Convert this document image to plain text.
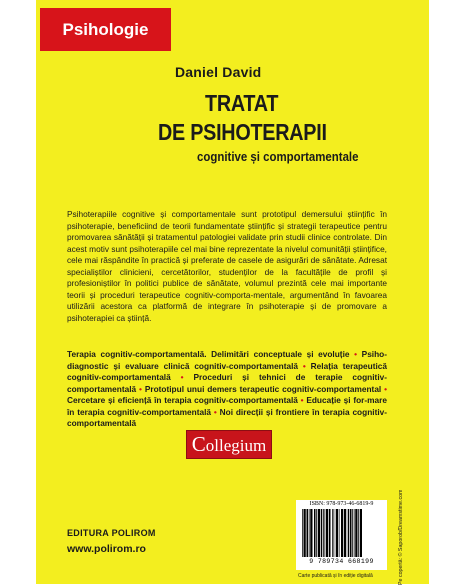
Psihologie
Daniel David
TRATAT
DE PSIHOTERAPII
cognitive și comportamentale

Psihoterapiile cognitive și comportamentale sunt prototipul demersului științific în psihoterapie, beneficiind de teorii fundamentate științific și strategii terapeutice pentru promovarea sănătății și tratamentul patologiei validate prin studii clinice controlate. Din acest motiv sunt psihoterapiile cel mai bine reprezentate la nivelul comunității științifice, cele mai răspândite în practică și preferate de casele de asigurări de sănătate. Adresat specialiștilor clinicieni, cercetătorilor, studenților de la facultățile de profil și profesioniștilor în politici publice de sănătate, volumul prezintă cele mai importante teorii și proceduri terapeutice cognitiv-comporta-mentale, argumentând în favoarea utilizării acestora ca platformă de integrare în psihoterapie și de promovare a psihoterapiei ca știință.

Terapia cognitiv-comportamentală. Delimitări conceptuale și evoluție • Psiho-diagnostic și evaluare clinică cognitiv-comportamentală • Relația terapeutică cognitiv-comportamentală • Proceduri și tehnici de terapie cognitiv-comportamentală • Prototipul unui demers terapeutic cognitiv-comportamental • Cercetare și eficiență în terapia cognitiv-comportamentală • Educație și for-mare în terapia cognitiv-comportamentală • Noi direcții și frontiere în terapia cognitiv-comportamentală

Collegium
EDITURA POLIROM
www.polirom.ro
ISBN: 978-973-46-6819-9
9 789734 668199
Carte publicată și în ediție digitală	Pe copertă: © Saporob/Dreamstime.com
